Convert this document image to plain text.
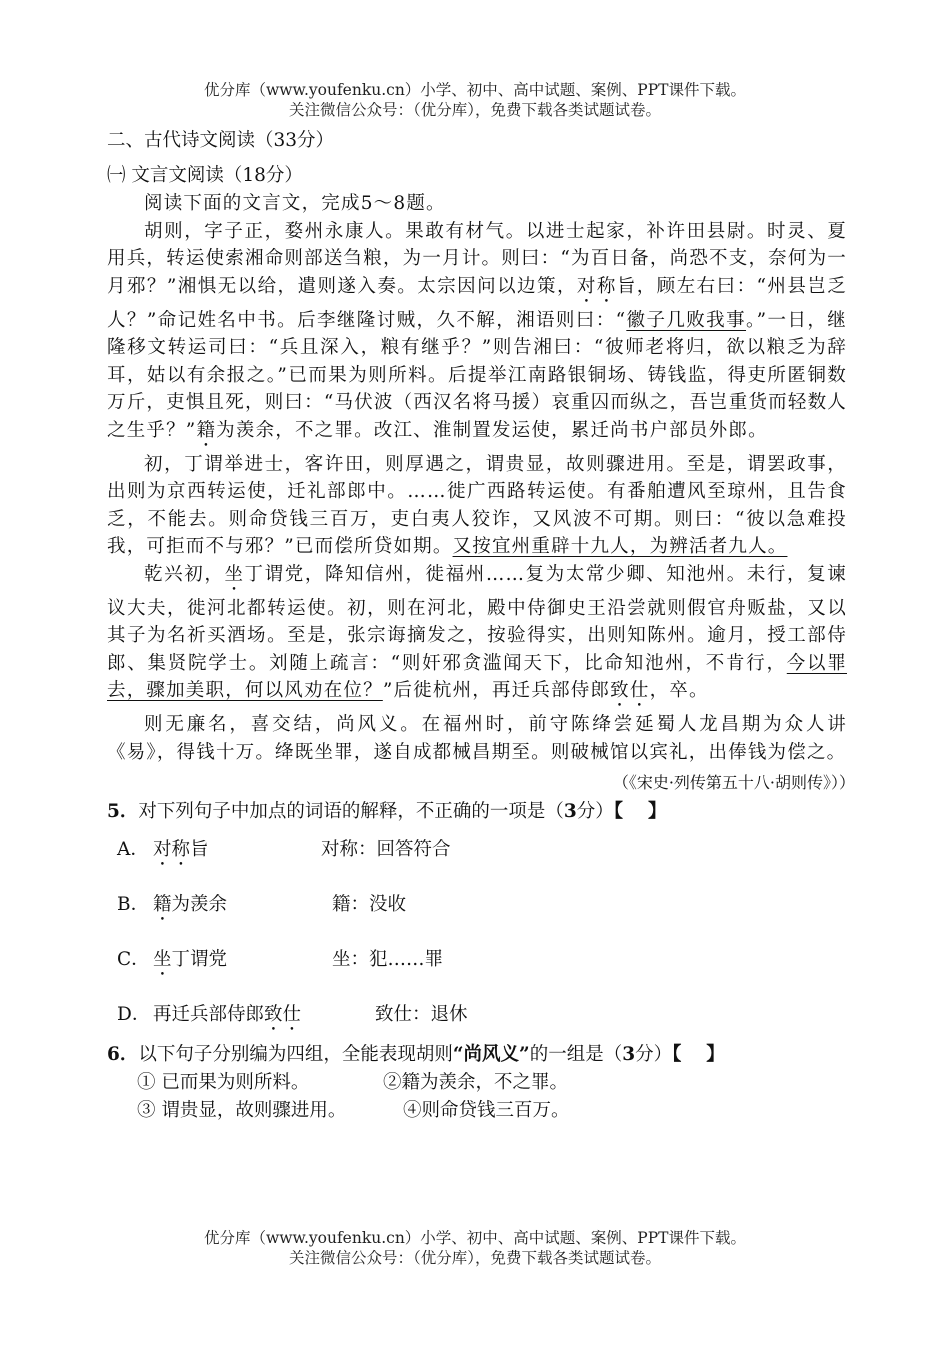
优分库（www.youfenku.cn）小学、初中、高中试题、案例、PPT课件下载。
关注微信公众号：（优分库），免费下载各类试题试卷。

二、古代诗文阅读（33分）

㈠ 文言文阅读（18分）

阅读下面的文言文，完成5～8题。

胡则，字子正，婺州永康人。果敢有材气。以进士起家，补许田县尉。时灵、夏用兵，转运使索湘命则部送刍粮，为一月计。则曰：“为百日备，尚恐不支，奈何为一月邪？”湘惧无以给，遣则遂入奏。太宗因问以边策，对称旨，顾左右曰：“州县岂乏人？”命记姓名中书。后李继隆讨贼，久不解，湘语则曰：“徽子几败我事。”一日，继隆移文转运司曰：“兵且深入，粮有继乎？”则告湘曰：“彼师老将归，欲以粮乏为辞耳，姑以有余报之。”已而果为则所料。后提举江南路银铜场、铸钱监，得吏所匿铜数万斤，吏惧且死，则曰：“马伏波（西汉名将马援）哀重囚而纵之，吾岂重货而轻数人之生乎？”籍为羡余，不之罪。改江、淮制置发运使，累迁尚书户部员外郎。

初，丁谓举进士，客许田，则厚遇之，谓贵显，故则骤进用。至是，谓罢政事，出则为京西转运使，迁礼部郎中。……徙广西路转运使。有番舶遭风至琼州，且告食乏，不能去。则命贷钱三百万，吏白夷人狡诈，又风波不可期。则曰：“彼以急难投我，可拒而不与邪？”已而偿所贷如期。又按宜州重辟十九人，为辨活者九人。

乾兴初，坐丁谓党，降知信州，徙福州……复为太常少卿、知池州。未行，复谏议大夫，徙河北都转运使。初，则在河北，殿中侍御史王沿尝就则假官舟贩盐，又以其子为名祈买酒场。至是，张宗诲摘发之，按验得实，出则知陈州。逾月，授工部侍郎、集贤院学士。刘随上疏言：“则奸邪贪滥闻天下，比命知池州，不肯行，今以罪去，骤加美职，何以风劝在位？”后徙杭州，再迁兵部侍郎致仕，卒。

则无廉名，喜交结，尚风义。在福州时，前守陈绛尝延蜀人龙昌期为众人讲《易》，得钱十万。绛既坐罪，遂自成都械昌期至。则破械馆以宾礼，出俸钱为偿之。

（《宋史·列传第五十八·胡则传》））

5．对下列句子中加点的词语的解释，不正确的一项是（3分）【　 】

A． 对称旨	对称：回答符合
B． 籍为羡余	籍：没收
C． 坐丁谓党	坐：犯……罪
D． 再迁兵部侍郎致仕	致仕：退休

6．以下句子分别编为四组，全能表现胡则“尚风义”的一组是（3分）【　 】

① 已而果为则所料。	②籍为羡余，不之罪。
③ 谓贵显，故则骤进用。	④则命贷钱三百万。
优分库（www.youfenku.cn）小学、初中、高中试题、案例、PPT课件下载。
关注微信公众号：（优分库），免费下载各类试题试卷。
